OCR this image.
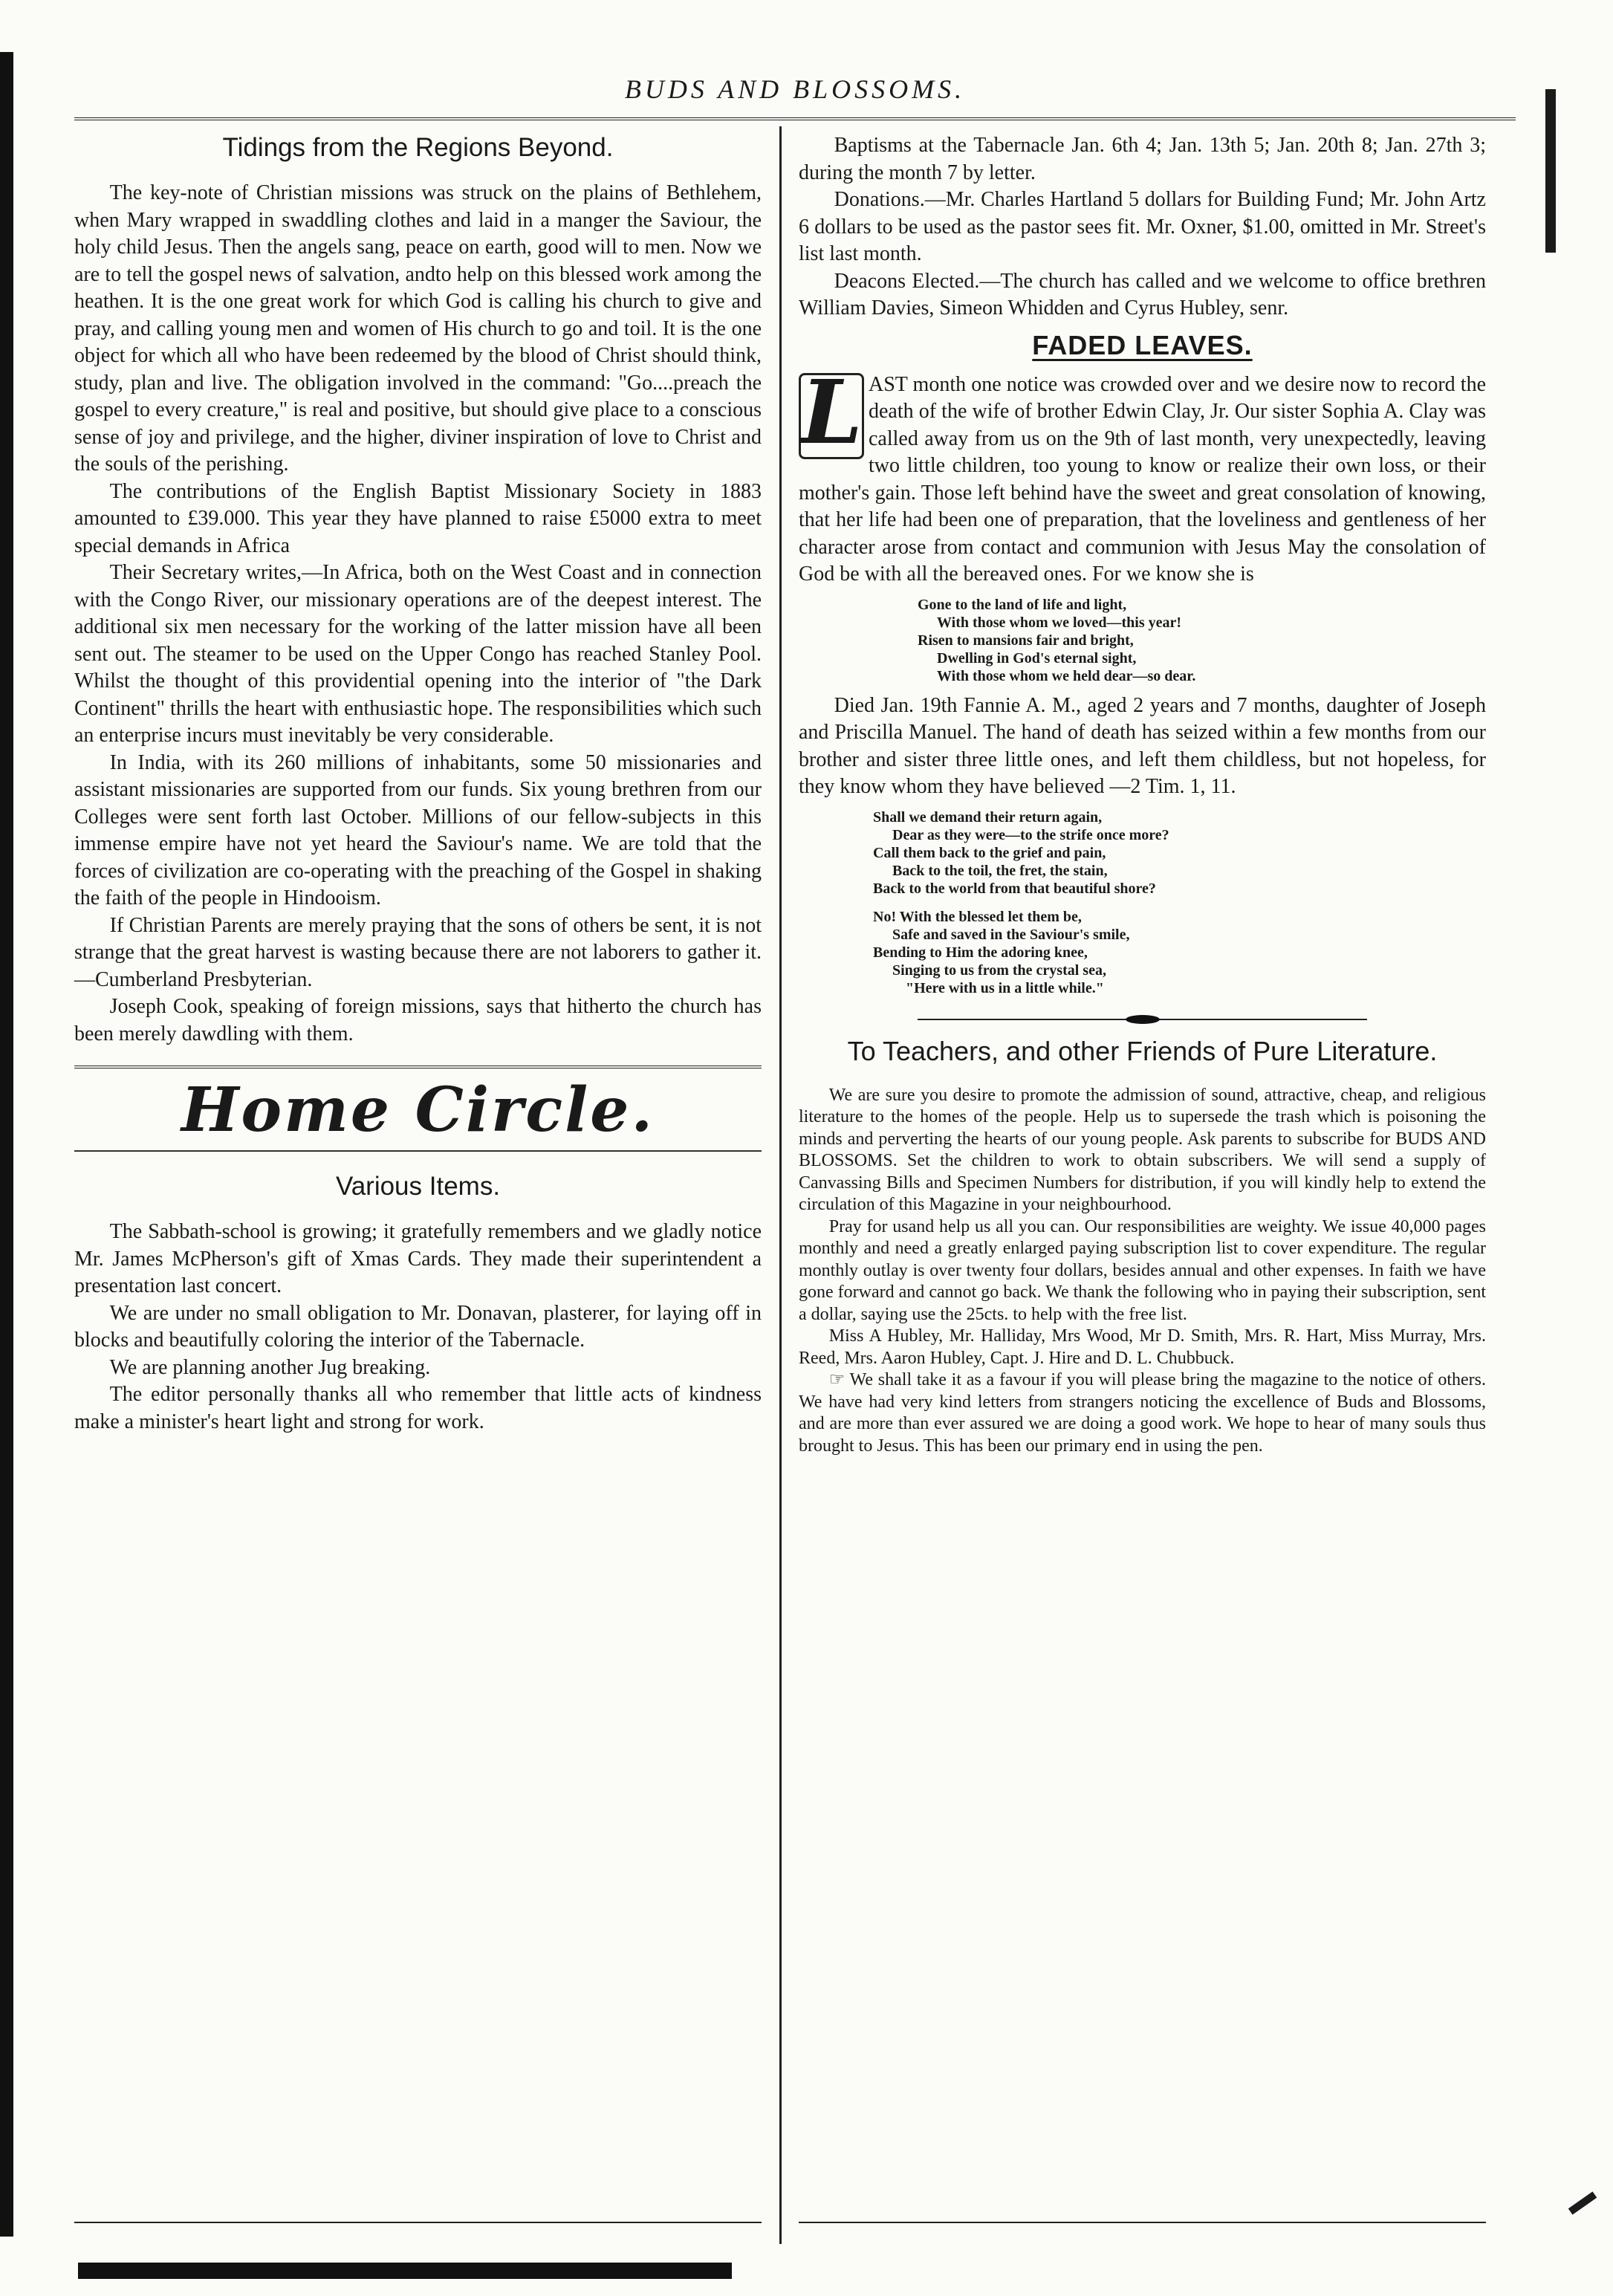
BUDS AND BLOSSOMS.
Tidings from the Regions Beyond.

The key-note of Christian missions was struck on the plains of Bethlehem, when Mary wrapped in swaddling clothes and laid in a manger the Saviour, the holy child Jesus. Then the angels sang, peace on earth, good will to men. Now we are to tell the gospel news of salvation, andto help on this blessed work among the heathen. It is the one great work for which God is calling his church to give and pray, and calling young men and women of His church to go and toil. It is the one object for which all who have been redeemed by the blood of Christ should think, study, plan and live. The obligation involved in the command: "Go....preach the gospel to every creature," is real and positive, but should give place to a conscious sense of joy and privilege, and the higher, diviner inspiration of love to Christ and the souls of the perishing.

The contributions of the English Baptist Missionary Society in 1883 amounted to £39.000. This year they have planned to raise £5000 extra to meet special demands in Africa

Their Secretary writes,—In Africa, both on the West Coast and in connection with the Congo River, our missionary operations are of the deepest interest. The additional six men necessary for the working of the latter mission have all been sent out. The steamer to be used on the Upper Congo has reached Stanley Pool. Whilst the thought of this providential opening into the interior of "the Dark Continent" thrills the heart with enthusiastic hope. The responsibilities which such an enterprise incurs must inevitably be very considerable.

In India, with its 260 millions of inhabitants, some 50 missionaries and assistant missionaries are supported from our funds. Six young brethren from our Colleges were sent forth last October. Millions of our fellow-subjects in this immense empire have not yet heard the Saviour's name. We are told that the forces of civilization are co-operating with the preaching of the Gospel in shaking the faith of the people in Hindooism.

If Christian Parents are merely praying that the sons of others be sent, it is not strange that the great harvest is wasting because there are not laborers to gather it.—Cumberland Presbyterian.

Joseph Cook, speaking of foreign missions, says that hitherto the church has been merely dawdling with them.

Home Circle.
Various Items.

The Sabbath-school is growing; it gratefully remembers and we gladly notice Mr. James McPherson's gift of Xmas Cards. They made their superintendent a presentation last concert.

We are under no small obligation to Mr. Donavan, plasterer, for laying off in blocks and beautifully coloring the interior of the Tabernacle.

We are planning another Jug breaking.

The editor personally thanks all who remember that little acts of kindness make a minister's heart light and strong for work.

Baptisms at the Tabernacle Jan. 6th 4; Jan. 13th 5; Jan. 20th 8; Jan. 27th 3; during the month 7 by letter.

Donations.—Mr. Charles Hartland 5 dollars for Building Fund; Mr. John Artz 6 dollars to be used as the pastor sees fit. Mr. Oxner, $1.00, omitted in Mr. Street's list last month.

Deacons Elected.—The church has called and we welcome to office brethren William Davies, Simeon Whidden and Cyrus Hubley, senr.

FADED LEAVES.

L AST month one notice was crowded over and we desire now to record the death of the wife of brother Edwin Clay, Jr. Our sister Sophia A. Clay was called away from us on the 9th of last month, very unexpectedly, leaving two little children, too young to know or realize their own loss, or their mother's gain. Those left behind have the sweet and great consolation of knowing, that her life had been one of preparation, that the loveliness and gentleness of her character arose from contact and communion with Jesus May the consolation of God be with all the bereaved ones. For we know she is

Gone to the land of life and light,
With those whom we loved—this year!
Risen to mansions fair and bright,
Dwelling in God's eternal sight,
With those whom we held dear—so dear.

Died Jan. 19th Fannie A. M., aged 2 years and 7 months, daughter of Joseph and Priscilla Manuel. The hand of death has seized within a few months from our brother and sister three little ones, and left them childless, but not hopeless, for they know whom they have believed —2 Tim. 1, 11.

Shall we demand their return again,
Dear as they were—to the strife once more?
Call them back to the grief and pain,
Back to the toil, the fret, the stain,
Back to the world from that beautiful shore?
No! With the blessed let them be,
Safe and saved in the Saviour's smile,
Bending to Him the adoring knee,
Singing to us from the crystal sea,
"Here with us in a little while."
To Teachers, and other Friends of Pure Literature.

We are sure you desire to promote the admission of sound, attractive, cheap, and religious literature to the homes of the people. Help us to supersede the trash which is poisoning the minds and perverting the hearts of our young people. Ask parents to subscribe for BUDS AND BLOSSOMS. Set the children to work to obtain subscribers. We will send a supply of Canvassing Bills and Specimen Numbers for distribution, if you will kindly help to extend the circulation of this Magazine in your neighbourhood.

Pray for usand help us all you can. Our responsibilities are weighty. We issue 40,000 pages monthly and need a greatly enlarged paying subscription list to cover expenditure. The regular monthly outlay is over twenty four dollars, besides annual and other expenses. In faith we have gone forward and cannot go back. We thank the following who in paying their subscription, sent a dollar, saying use the 25cts. to help with the free list.

Miss A Hubley, Mr. Halliday, Mrs Wood, Mr D. Smith, Mrs. R. Hart, Miss Murray, Mrs. Reed, Mrs. Aaron Hubley, Capt. J. Hire and D. L. Chubbuck.

☞ We shall take it as a favour if you will please bring the magazine to the notice of others. We have had very kind letters from strangers noticing the excellence of Buds and Blossoms, and are more than ever assured we are doing a good work. We hope to hear of many souls thus brought to Jesus. This has been our primary end in using the pen.
